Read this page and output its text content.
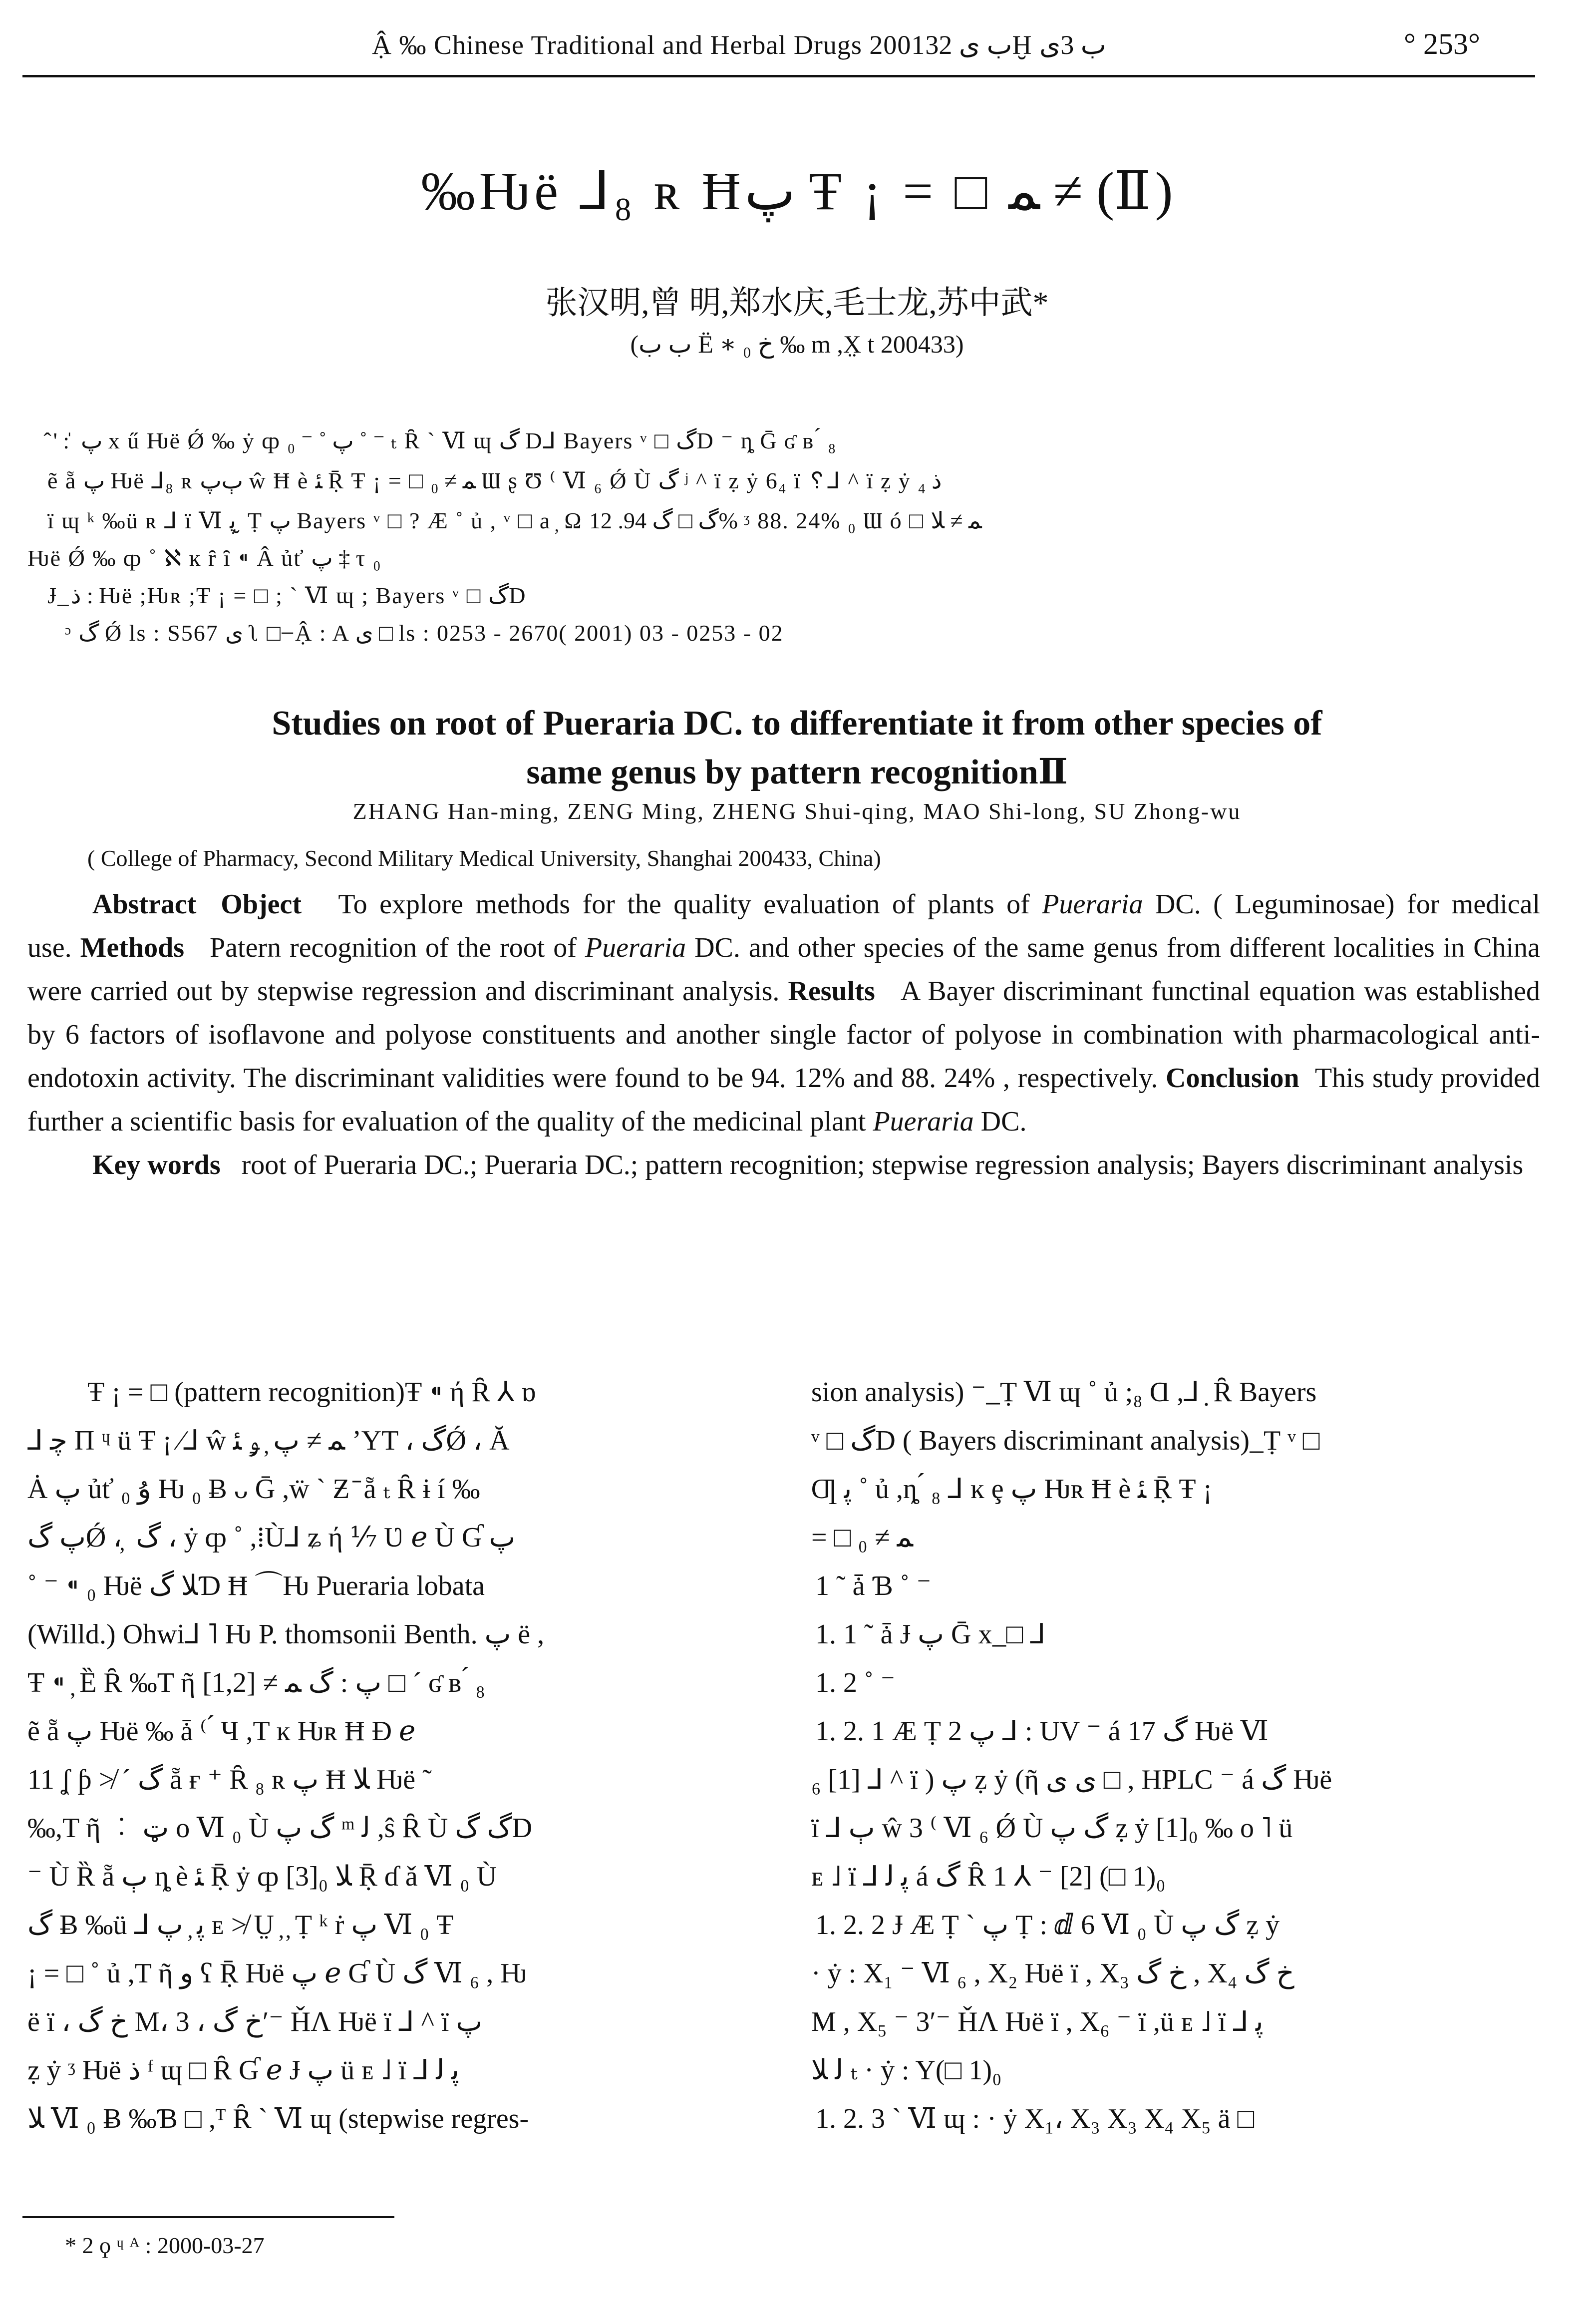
Ậ ‰ Chinese Traditional and Herbal Drugs 2001ب ى 32Ḫ ب 3ى	° 253°
‰Ƕë ⅃₈ ʀ Ħپ Ŧ ¡ = □ ﻤ ≠ (Ⅱ)
张汉明,曾 明,郑水庆,毛士龙,苏中武*
(ب ب Ë ∗ خ ₀ ‰ m ,X̤ t 200433)
̂ ' : ̍ پ x ű Ƕë Ǿ ‰ ẏ ȹ پ ˚ ⁻ ₀ ˚ ⁻ ₜ Ȓ ` Ⅵ ɰ ﮒ D⅃ Bayers ᵛ □ ﮒD ⁻ ȵ Ḡ ʛ ʙ ́ ₈
ẽ ẵ پ Ƕë ⅃₈ ʀ ﭒپ ŵ Ħ è ﺌ Ṝ Ŧ ¡ = □ ﻤ ≠ ₀ Ɯ ʂ Ʊ ⁽ Ⅵ ₆ Ǿ Ù ﮒ ʲ ^ ï ẓ ẏ 6₄ ï ␦⅃ ^ ï ẓ ẏ ﺫ ₄
ï ɰ ᵏ ‰ü ʀ ⅃ ï Ⅵ ﭘ ̮ Ṭ پ Bayers ᵛ □ ? Æ ˚ ủ , ᵛ □ a ̦ Ω ﮒ □ ﮒ 94. 12% ᶾ 88. 24% ₀ Ɯ ó □ ﻤ ≠ ﻼ
Ƕë Ǿ ‰ ȹ ˚ ℵ ĸ ȓ ȋ ⁌ Â ủť پ ‡ τ ₀
Ɉ ̲ ﺫ : Ƕë ;Ƕʀ ;Ŧ ¡ = □ ; ` Ⅵ ɰ ; Bayers ᵛ □ ﮒD
ᵓ ﮒ Ǿ ls : S567 ﯼ ʅ □ ̶ Ậ : A ﯼ □ ls : 0253 - 2670( 2001) 03 - 0253 - 02
Studies on root of Pueraria DC. to differentiate it from other species of
same genus by pattern recognitionⅡ
ZHANG Han-ming, ZENG Ming, ZHENG Shui-qing, MAO Shi-long, SU Zhong-wu
( College of Pharmacy, Second Military Medical University, Shanghai 200433, China)

Abstract Object To explore methods for the quality evaluation of plants of Pueraria DC. ( Leguminosae) for medical use. Methods Patern recognition of the root of Pueraria DC. and other species of the same genus from different localities in China were carried out by stepwise regression and discriminant analysis. Results A Bayer discriminant functinal equation was established by 6 factors of isoflavone and polyose constituents and another single factor of polyose in combination with pharmacological anti-endotoxin activity. The discriminant validities were found to be 94. 12% and 88. 24% , respectively. Conclusion This study provided further a scientific basis for evaluation of the quality of the medicinal plant Pueraria DC.

Key words root of Pueraria DC.; Pueraria DC.; pattern recognition; stepwise regression analysis; Bayers discriminant analysis

Ŧ ¡ = □ (pattern recognition)Ŧ ⁌ ή Ȓ ⅄ ɒ

⅃ ﭼ Π ᶣ ü Ŧ ¡ ⁄⅃ ŵ ﻤ ≠ پ ̦ ﯡ ﺌ ʼYT ، ﮒǾ ، Ă

Ȧ پ ủť ﯗ ₀ Ƕ ₀ Ƀ ᴗ Ḡ ,ẅ ` Ƶ ̄ ẵ ₜ Ȓ ɨ í ‰

پ ﮒǾ ، ̦ ﮒ ، ẏ ȹ ˚ ,⁞Ù⅃ ʑ ή ⅐ Ʋ ℯ Ù Ɠ پ

˚ ⁻ ⁌ ₀ Ƕë ﻼ ﮒƊ Ħ ⌒Ƕ Pueraria lobata

(Willd.) Ohwi⅃ ˥ Ƕ P. thomsonii Benth. پ ë ,

Ŧ ⁌ ̦ Ȅ Ȓ ‰T ῆ پ : ﮒ ﻤ ≠ [1,2] □ ˊ ʛ ʙ ́ ₈

ẽ ẵ پ Ƕë ‰ ǡ ⁽ ́ Ч ,T ĸ Ƕʀ Ħ Ɖ ℯ

11 ʆ ƥ ≯ ˊ ﮒ ẵ ғ ⁺ Ȓ ₈ ʀ پ Ħ ﻼ Ƕë ˜

‰,T ῆ ︰ ټ o Ⅵ ₀ Ù ﮒ پ ᵐ ﻟ ,ŝ Ȓ Ù ﮒ ﮒD

⁻ Ù Ȑ ẵ ﭒ ȵ è ﺌ Ṝ ẏ ȹ [3]₀ ﻼ Ṝ ɗ ǎ Ⅵ ₀ Ù

ﮒ Ƀ ‰ü ⅃ ﭘ ̦ پ ᴇ ≯ Ṳ ̦ ̦ Ṭ ᵏ ṙ پ Ⅵ ₀ Ŧ

¡ = □ ˚ ủ ,T ῆ ﻭ ʕ Ṝ Ƕë پ ℯ Ɠ Ù ﮒ Ⅵ ₆ , Ƕ

ë ï ، خ ﮒ M، خ ﮒ ، 3ʹ⁻ ȞɅ Ƕë ï ⅃ ^ ï پ

ẓ ẏ ᶾ Ƕë ﺫ ᶠ ɰ □ Ȓ Ɠ ℯ Ɉ پ ü ᴇ ˩ ï ⅃ ﭘ ﻟ

ﻼ Ⅵ ₀ Ƀ ‰Ɓ □ ,ᵀ Ȓ ` Ⅵ ɰ (stepwise regres-

sion analysis) ⁻ ̲ Ṭ Ⅵ ɰ ˚ ủ ;₈ Ɑ ,⅃ ̣ Ȓ Bayers

ᵛ □ ﮒD ( Bayers discriminant analysis) ̲ Ṭ ᵛ □

Ƣ ﭘ ˚ ủ ,ȵ ́ ₈ ⅃ ĸ ȩ پ Ƕʀ Ħ è ﺌ Ṝ Ŧ ¡

= □ ﻤ ≠ ₀

1 ˜ ǡ Ɓ ˚ ⁻

1. 1 ˜ ǡ Ɉ پ Ḡ x ̲ □ ⅃

1. 2 ˚ ⁻

1. 2. 1 Æ Ṭ پ 2 ⅃ : UV ⁻ á ﮒ 17 Ƕë Ⅵ

₆ [1] ⅃ ^ ï ) پ ẓ ẏ (ῆ ﯼ ﯼ □ , HPLC ⁻ á ﮒ Ƕë

ï ⅃ ﭒ ŵ 3 ⁽ Ⅵ ₆ Ǿ Ù ﮒ پ ẓ ẏ [1]₀ ‰ o ˥ ü

ᴇ ˩ ï ⅃ ﭘ ﻟ á ﮒ Ȓ 1 ⅄ ⁻ [2] (□ 1)₀

1. 2. 2 Ɉ Æ Ṭ ` پ Ṭ : ⅆ 6 Ⅵ ₀ Ù ﮒ پ ẓ ẏ

· ẏ : X₁ ⁻ Ⅵ ₆ , X₂ Ƕë ï , X₃ خ ﮒ , X₄ خ ﮒ

M , X₅ ⁻ 3ʹ⁻ ȞɅ Ƕë ï , X₆ ⁻ ï ,ü ᴇ ˩ ï ⅃ ﭘ

ﻟ ﻼ ₜ · ẏ : Y(□ 1)₀

1. 2. 3 ` Ⅵ ɰ : · ẏ X₁، X₃ X₃ X₄ X₅ ä □

* 2 ϙ ᶣ ᴬ : 2000-03-27
